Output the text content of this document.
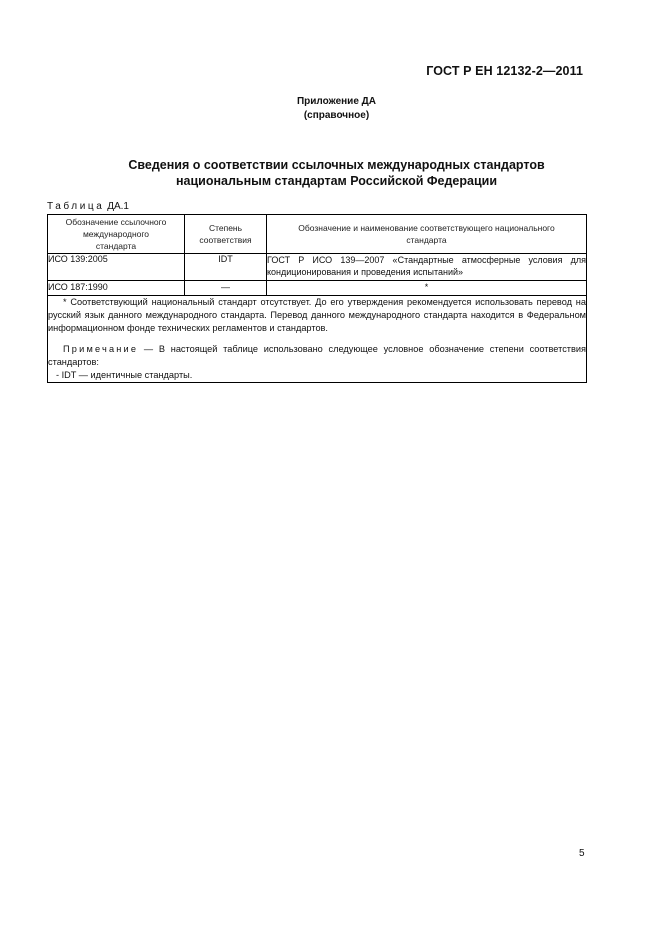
ГОСТ Р ЕН 12132-2—2011
Приложение ДА
(справочное)
Сведения о соответствии ссылочных международных стандартов
национальным стандартам Российской Федерации
Таблица ДА.1
Обозначение ссылочного международного стандарта	Степень соответствия	Обозначение и наименование соответствующего национального стандарта
ИСО 139:2005	IDT	ГОСТ Р ИСО 139—2007 «Стандартные атмосферные условия для кондиционирования и проведения испытаний»
ИСО 187:1990	—	*

* Соответствующий национальный стандарт отсутствует. До его утверждения рекомендуется использовать перевод на русский язык данного международного стандарта. Перевод данного международного стандарта находится в Федеральном информационном фонде технических регламентов и стандартов.

Примечание — В настоящей таблице использовано следующее условное обозначение степени соответствия стандартов:

- IDT — идентичные стандарты.		

5
